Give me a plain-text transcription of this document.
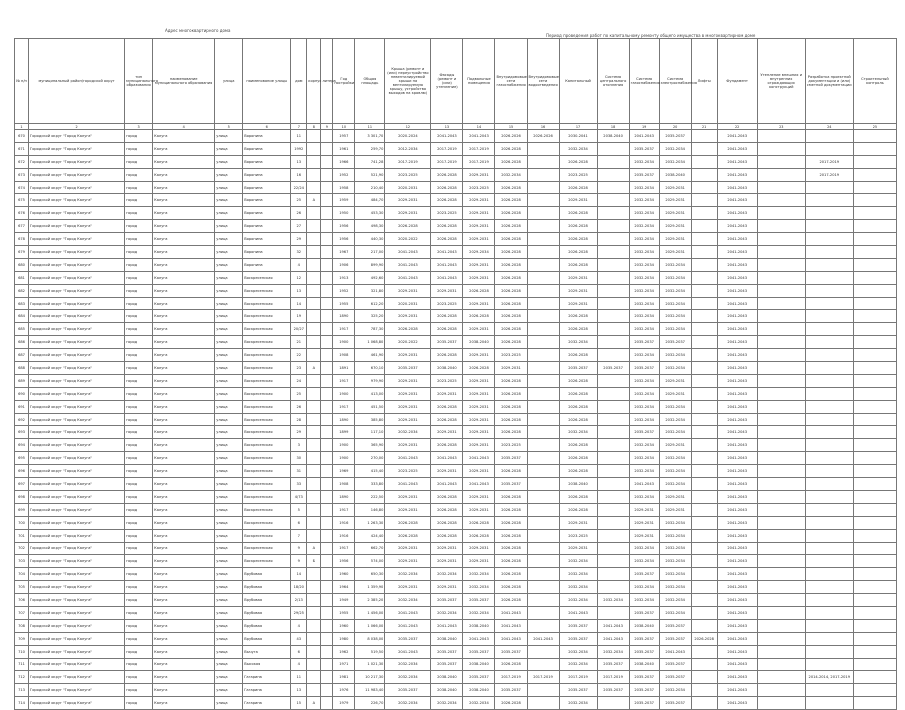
Адрес многоквартирного дома
Период проведения работ по капитальному ремонту общего имущества в многоквартирном доме
№ п/п	муниципальный район/городской округ	тип муниципального образования	наименование муниципального образования	улица	наименование улицы	дом	корпус	литера	Год постройки	Общая площадь	Крыша (ремонт и (или) переустройство невентилируемой крыши на вентилируемую крышу, устройство выходов на кровлю)	Фасады (ремонт и (или) утепление)	Подвальные помещения	Внутридомовые сети газоснабжения	Внутридомовые сети водоотведения	Капитальный	Система центрального отопления	Система газоснабжения	Система электроснабжения	Лифты	Фундамент	Утепление внешних и внутренних ограждающих конструкций	Разработка проектной документации и (или) сметной документации	Строительный контроль
1	2	3	4	5	6	7	8	9	10	11	12	13	14	15	16	17	18	19	20	21	22	23	24	25
670	Городской округ "Город Калуга"	город	Калуга	улица	Воронина	11			1957	3 301,70	2020-2024	2041-2043	2041-2043	2026-2026	2026-2026	2030-2041	2038-2040	2041-2043	2035-2037		2041-2043			
671	Городской округ "Город Калуга"	город	Калуга	улица	Воронина	1992			1961	259,70	2012-2034	2017-2019	2017-2019	2026-2028		2032-2034		2035-2037	2032-2034		2041-2043			
672	Городской округ "Город Калуга"	город	Калуга	улица	Воронина	13			1966	741,28	2017-2019	2017-2019	2017-2019	2026-2028		2026-2028		2032-2034	2032-2034		2041-2043		2017-2019	
673	Городской округ "Город Калуга"	город	Калуга	улица	Воронина	16			1952	521,90	2023-2025	2026-2028	2029-2031	2032-2034		2023-2025		2035-2037	2038-2040		2041-2043		2017-2019	
674	Городской округ "Город Калуга"	город	Калуга	улица	Воронина	22/24			1958	210,40	2020-2031	2026-2028	2023-2025	2026-2028		2026-2028		2032-2034	2029-2031		2041-2043			
675	Городской округ "Город Калуга"	город	Калуга	улица	Воронина	25	А		1959	484,70	2029-2031	2026-2028	2029-2031	2026-2028		2029-2031		2032-2034	2029-2031		2041-2043			
676	Городской округ "Город Калуга"	город	Калуга	улица	Воронина	26			1950	453,30	2029-2031	2023-2025	2029-2031	2026-2028		2026-2028		2032-2034	2029-2031		2041-2043			
677	Городской округ "Город Калуга"	город	Калуга	улица	Воронина	27			1956	498,30	2026-2028	2026-2028	2029-2031	2026-2028		2026-2028		2032-2034	2029-2031		2041-2043			
678	Городской округ "Город Калуга"	город	Калуга	улица	Воронина	29			1956	440,30	2020-2022	2026-2028	2029-2031	2026-2028		2026-2028		2032-2034	2029-2031		2041-2043			
679	Городской округ "Город Калуга"	город	Калуга	улица	Воронина	32			1967	217,00	2041-2043	2041-2043	2029-2034	2026-2028		2026-2028		2032-2034	2029-2031		2041-2043			
680	Городской округ "Город Калуга"	город	Калуга	улица	Воронина	4			1906	899,90	2041-2043	2041-2043	2029-2031	2026-2028		2026-2028		2032-2034	2032-2034		2041-2043			
681	Городской округ "Город Калуга"	город	Калуга	улица	Воскресенская	12			1913	492,60	2041-2043	2041-2043	2029-2031	2026-2028		2029-2031		2032-2034	2032-2034		2041-2043			
682	Городской округ "Город Калуга"	город	Калуга	улица	Воскресенская	13			1952	321,80	2029-2031	2029-2031	2026-2028	2026-2028		2029-2031		2032-2034	2032-2034		2041-2043			
683	Городской округ "Город Калуга"	город	Калуга	улица	Воскресенская	14			1955	612,20	2020-2031	2023-2025	2029-2031	2026-2028		2029-2031		2032-2034	2032-2034		2041-2043			
684	Городской округ "Город Калуга"	город	Калуга	улица	Воскресенская	19			1890	325,20	2029-2031	2026-2028	2026-2028	2026-2028		2026-2028		2032-2034	2032-2034		2041-2043			
685	Городской округ "Город Калуга"	город	Калуга	улица	Воскресенская	20/27			1917	787,30	2026-2028	2026-2028	2029-2031	2026-2028		2026-2028		2032-2034	2032-2034		2041-2043			
686	Городской округ "Город Калуга"	город	Калуга	улица	Воскресенская	21			1900	1 068,80	2020-2022	2035-2037	2038-2040	2026-2028		2032-2034		2035-2037	2035-2037		2041-2043			
687	Городской округ "Город Калуга"	город	Калуга	улица	Воскресенская	22			1908	461,90	2029-2031	2026-2028	2029-2031	2023-2025		2026-2028		2032-2034	2032-2034		2041-2043			
688	Городской округ "Город Калуга"	город	Калуга	улица	Воскресенская	23	А		1891	670,10	2035-2037	2038-2040	2026-2028	2029-2031		2035-2037	2035-2037	2035-2037	2032-2034		2041-2043			
689	Городской округ "Город Калуга"	город	Калуга	улица	Воскресенская	24			1917	979,90	2029-2031	2023-2025	2029-2031	2026-2028		2026-2028		2032-2034	2029-2031		2041-2043			
690	Городской округ "Город Калуга"	город	Калуга	улица	Воскресенская	25			1900	413,00	2029-2031	2029-2031	2029-2031	2026-2028		2026-2028		2032-2034	2029-2031		2041-2043			
691	Городской округ "Город Калуга"	город	Калуга	улица	Воскресенская	26			1917	451,50	2029-2031	2026-2028	2029-2031	2026-2028		2026-2028		2032-2034	2032-2034		2041-2043			
692	Городской округ "Город Калуга"	город	Калуга	улица	Воскресенская	28			1890	385,80	2029-2031	2026-2028	2029-2031	2026-2028		2026-2028		2032-2034	2032-2034		2041-2043			
693	Городской округ "Город Калуга"	город	Калуга	улица	Воскресенская	29			1899	117,10	2032-2034	2029-2031	2029-2031	2026-2028		2032-2034		2035-2037	2032-2034		2041-2043			
694	Городской округ "Город Калуга"	город	Калуга	улица	Воскресенская	3			1900	365,90	2029-2031	2026-2028	2029-2031	2023-2025		2026-2028		2032-2034	2029-2031		2041-2043			
695	Городской округ "Город Калуга"	город	Калуга	улица	Воскресенская	30			1900	270,00	2041-2043	2041-2043	2041-2043	2035-2037		2026-2028		2032-2034	2032-2034		2041-2043			
696	Городской округ "Город Калуга"	город	Калуга	улица	Воскресенская	31			1969	415,40	2023-2025	2029-2031	2029-2031	2026-2028		2026-2028		2032-2034	2032-2034		2041-2043			
697	Городской округ "Город Калуга"	город	Калуга	улица	Воскресенская	33			1908	333,80	2041-2043	2041-2043	2041-2043	2035-2037		2038-2040		2041-2043	2032-2034		2041-2043			
698	Городской округ "Город Калуга"	город	Калуга	улица	Воскресенская	4/73			1890	222,50	2029-2031	2026-2028	2029-2031	2026-2028		2026-2028		2032-2034	2029-2031		2041-2043			
699	Городской округ "Город Калуга"	город	Калуга	улица	Воскресенская	5			1917	146,80	2029-2031	2026-2028	2029-2031	2026-2028		2026-2028		2029-2031	2029-2031		2041-2043			
700	Городской округ "Город Калуга"	город	Калуга	улица	Воскресенская	6			1916	1 263,30	2026-2028	2026-2028	2026-2028	2026-2028		2029-2031		2029-2031	2032-2034		2041-2043			
701	Городской округ "Город Калуга"	город	Калуга	улица	Воскресенская	7			1916	424,40	2026-2028	2026-2028	2026-2028	2026-2028		2023-2025		2029-2031	2032-2034		2041-2043			
702	Городской округ "Город Калуга"	город	Калуга	улица	Воскресенская	9	А		1917	662,70	2029-2031	2029-2031	2029-2031	2026-2028		2029-2031		2032-2034	2032-2034		2041-2043			
703	Городской округ "Город Калуга"	город	Калуга	улица	Воскресенская	9	Б		1956	574,00	2029-2031	2029-2031	2029-2031	2026-2028		2032-2034		2032-2034	2032-2034		2041-2043			
704	Городской округ "Город Калуга"	город	Калуга	улица	Врубовая	14			1960	650,30	2032-2034	2032-2034	2032-2034	2026-2028		2032-2034		2035-2037	2032-2034		2041-2043			
705	Городской округ "Город Калуга"	город	Калуга	улица	Врубовая	18/20			1964	1 359,90	2029-2031	2029-2031	2032-2034	2026-2028		2032-2034		2032-2034	2032-2034		2041-2043			
706	Городской округ "Город Калуга"	город	Калуга	улица	Врубовая	2/13			1949	2 385,20	2032-2034	2035-2037	2035-2037	2026-2028		2032-2034	2032-2034	2032-2034	2032-2034		2041-2043			
707	Городской округ "Город Калуга"	город	Калуга	улица	Врубовая	29/25			1955	1 456,00	2041-2043	2032-2034	2032-2034	2041-2043		2041-2043		2035-2037	2032-2034		2041-2043			
708	Городской округ "Город Калуга"	город	Калуга	улица	Врубовая	4			1960	1 066,00	2041-2043	2041-2043	2038-2040	2041-2043		2035-2037	2041-2043	2038-2040	2035-2037		2041-2043			
709	Городской округ "Город Калуга"	город	Калуга	улица	Врубовая	43			1980	8 038,00	2035-2037	2038-2040	2041-2043	2041-2043	2041-2043	2035-2037	2041-2043	2035-2037	2035-2037	2026-2028	2041-2043			
710	Городской округ "Город Калуга"	город	Калуга	улица	Вычуга	6			1962	519,50	2041-2043	2035-2037	2035-2037	2035-2037		2032-2034	2032-2034	2035-2037	2041-2043		2041-2043			
711	Городской округ "Город Калуга"	город	Калуга	улица	Высокая	4			1971	1 021,30	2032-2034	2035-2037	2038-2040	2026-2028		2032-2034	2035-2037	2038-2040	2035-2037		2041-2043			
712	Городской округ "Город Калуга"	город	Калуга	улица	Гагарина	11			1981	10 217,30	2032-2034	2038-2040	2035-2037	2017-2019	2017-2019	2017-2019	2017-2019	2035-2037	2035-2037		2041-2043		2014-2014, 2017-2019	
713	Городской округ "Город Калуга"	город	Калуга	улица	Гагарина	13			1976	11 983,40	2035-2037	2038-2040	2038-2040	2035-2037		2035-2037	2035-2037	2035-2037	2032-2034		2041-2043			
714	Городской округ "Город Калуга"	город	Калуга	улица	Гагарина	15	А		1979	226,70	2032-2034	2032-2034	2032-2034	2026-2028		2032-2034		2035-2037	2035-2037		2041-2043			
